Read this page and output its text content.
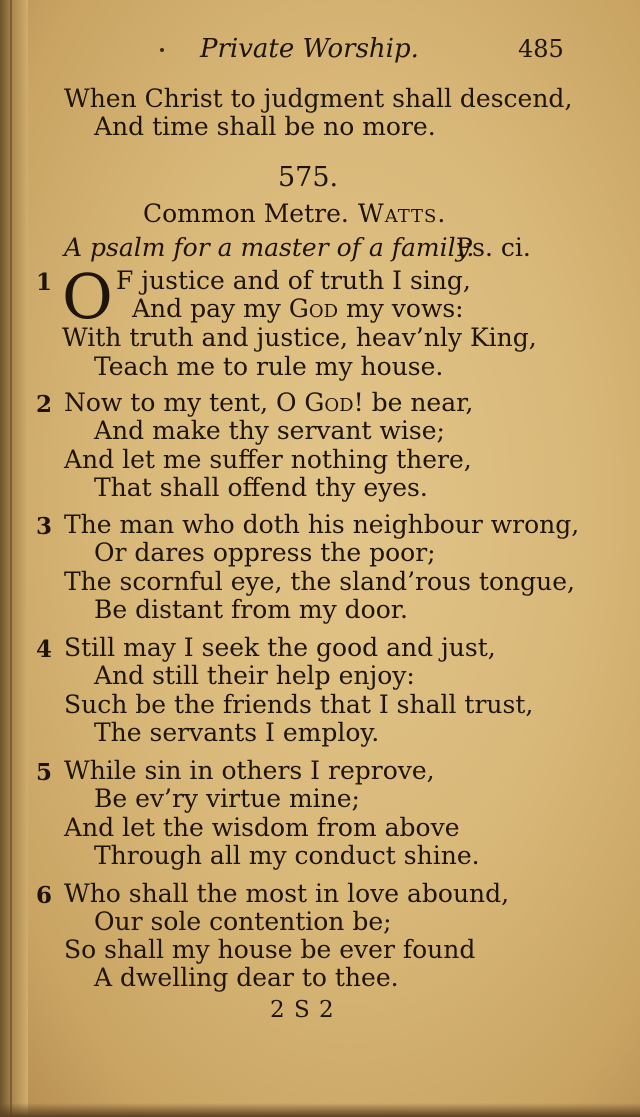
Private Worship.	485
When Christ to judgment shall descend,
And time shall be no more.
575.
Common Metre. Watts.
A psalm for a master of a family.
Ps. ci.
1 O F justice and of truth I sing,
And pay my God my vows:
With truth and justice, heav’nly King,
Teach me to rule my house.
2 Now to my tent, O God! be near,
And make thy servant wise;
And let me suffer nothing there,
That shall offend thy eyes.
3 The man who doth his neighbour wrong,
Or dares oppress the poor;
The scornful eye, the sland’rous tongue,
Be distant from my door.
4 Still may I seek the good and just,
And still their help enjoy:
Such be the friends that I shall trust,
The servants I employ.
5 While sin in others I reprove,
Be ev’ry virtue mine;
And let the wisdom from above
Through all my conduct shine.
6 Who shall the most in love abound,
Our sole contention be;
So shall my house be ever found
A dwelling dear to thee.
2 S 2
